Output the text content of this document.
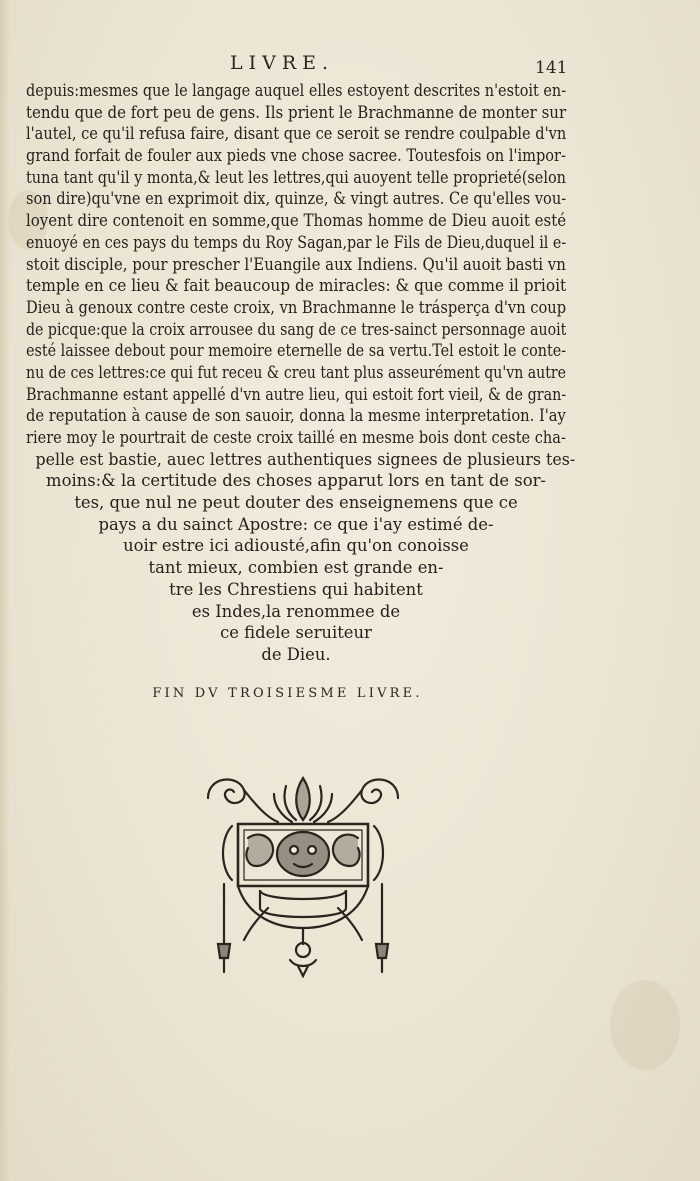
LIVRE.	141
depuis:mesmes que le langage auquel elles estoyent descrites n'estoit en-
tendu que de fort peu de gens. Ils prient le Brachmanne de monter sur
l'autel, ce qu'il refusa faire, disant que ce seroit se rendre coulpable d'vn
grand forfait de fouler aux pieds vne chose sacree. Toutesfois on l'impor-
tuna tant qu'il y monta,& leut les lettres,qui auoyent telle proprieté(selon
son dire)qu'vne en exprimoit dix, quinze, & vingt autres. Ce qu'elles vou-
loyent dire contenoit en somme,que Thomas homme de Dieu auoit esté
enuoyé en ces pays du temps du Roy Sagan,par le Fils de Dieu,duquel il e-
stoit disciple, pour prescher l'Euangile aux Indiens. Qu'il auoit basti vn
temple en ce lieu & fait beaucoup de miracles: & que comme il prioit
Dieu à genoux contre ceste croix, vn Brachmanne le trásperça d'vn coup
de picque:que la croix arrousee du sang de ce tres-sainct personnage auoit
esté laissee debout pour memoire eternelle de sa vertu.Tel estoit le conte-
nu de ces lettres:ce qui fut receu & creu tant plus asseurément qu'vn autre
Brachmanne estant appellé d'vn autre lieu, qui estoit fort vieil, & de gran-
de reputation à cause de son sauoir, donna la mesme interpretation. I'ay
riere moy le pourtrait de ceste croix taillé en mesme bois dont ceste cha-
pelle est bastie, auec lettres authentiques signees de plusieurs tes-
moins:& la certitude des choses apparut lors en tant de sor-
tes, que nul ne peut douter des enseignemens que ce
pays a du sainct Apostre: ce que i'ay estimé de-
uoir estre ici adiousté,afin qu'on conoisse
tant mieux, combien est grande en-
tre les Chrestiens qui habitent
es Indes,la renommee de
ce fidele seruiteur
de Dieu.
FIN DV TROISIESME LIVRE.
